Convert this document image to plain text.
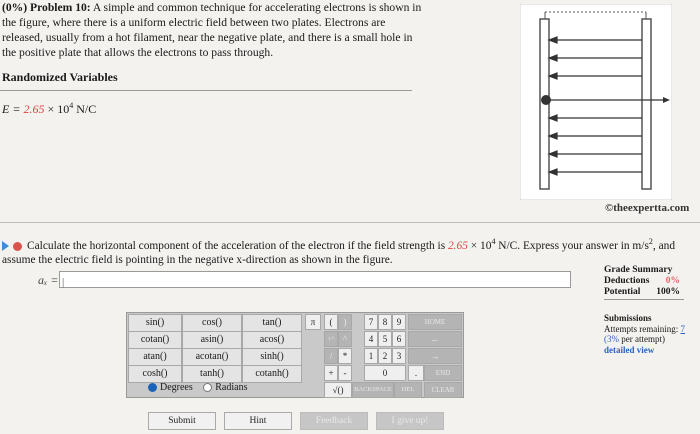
(0%) Problem 10: A simple and common technique for accelerating electrons is shown in the figure, where there is a uniform electric field between two plates. Electrons are released, usually from a hot filament, near the negative plate, and there is a small hole in the positive plate that allows the electrons to pass through.
Randomized Variables
$E = 2.65 \times 10^4$ N/C
©theexpertta.com
Calculate the horizontal component of the acceleration of the electron if the field strength is $2.65 \times 10^4$ N/C. Express your answer in $m/s^2$, and assume the electric field is pointing in the negative x-direction as shown in the figure.
aₓ = |
Grade Summary
Deductions 0%
Potential 100%
Submissions
Attempts remaining: 7
(3% per attempt)
detailed view
sin()	cos()	tan()
cotan()	asin()	acos()
atan()	acotan()	sinh()
cosh()	tanh()	cotanh()
Degrees Radians
π	(	)	7	8	9	HOME
↑^ ^	4	5	6	←
/	*	1	2	3	→
+	-	0	.	END
√()	BACKSPACE	DEL	CLEAR
Submit	Hint	Feedback	I give up!
